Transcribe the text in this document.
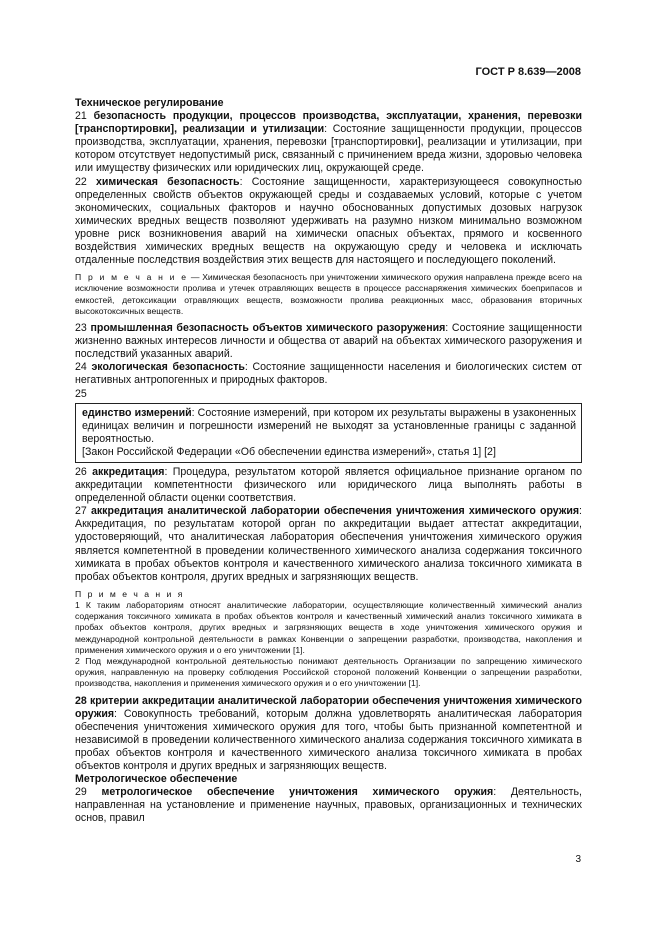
ГОСТ Р 8.639—2008

Техническое регулирование

21 безопасность продукции, процессов производства, эксплуатации, хранения, перевозки [транспортировки], реализации и утилизации: Состояние защищенности продукции, процессов производства, эксплуатации, хранения, перевозки [транспортировки], реализации и утилизации, при котором отсутствует недопустимый риск, связанный с причинением вреда жизни, здоровью человека или имуществу физических или юридических лиц, окружающей среде.

22 химическая безопасность: Состояние защищенности, характеризующееся совокупностью определенных свойств объектов окружающей среды и создаваемых условий, которые с учетом экономических, социальных факторов и научно обоснованных допустимых дозовых нагрузок химических вредных веществ позволяют удерживать на разумно низком минимально возможном уровне риск возникновения аварий на химически опасных объектах, прямого и косвенного воздействия химических вредных веществ на окружающую среду и человека и исключать отдаленные последствия воздействия этих веществ для настоящего и последующего поколений.

П р и м е ч а н и е — Химическая безопасность при уничтожении химического оружия направлена прежде всего на исключение возможности пролива и утечек отравляющих веществ в процессе расснаряжения химических боеприпасов и емкостей, детоксикации отравляющих веществ, возможности пролива реакционных масс, образования вторичных высокотоксичных веществ.

23 промышленная безопасность объектов химического разоружения: Состояние защищенности жизненно важных интересов личности и общества от аварий на объектах химического разоружения и последствий указанных аварий.

24 экологическая безопасность: Состояние защищенности населения и биологических систем от негативных антропогенных и природных факторов.

25

единство измерений: Состояние измерений, при котором их результаты выражены в узаконенных единицах величин и погрешности измерений не выходят за установленные границы с заданной вероятностью.

[Закон Российской Федерации «Об обеспечении единства измерений», статья 1] [2]

26 аккредитация: Процедура, результатом которой является официальное признание органом по аккредитации компетентности физического или юридического лица выполнять работы в определенной области оценки соответствия.

27 аккредитация аналитической лаборатории обеспечения уничтожения химического оружия: Аккредитация, по результатам которой орган по аккредитации выдает аттестат аккредитации, удостоверяющий, что аналитическая лаборатория обеспечения уничтожения химического оружия является компетентной в проведении количественного химического анализа содержания токсичного химиката в пробах объектов контроля и качественного химического анализа токсичного химиката в пробах объектов контроля, других вредных и загрязняющих веществ.

П р и м е ч а н и я

1 К таким лабораториям относят аналитические лаборатории, осуществляющие количественный химический анализ содержания токсичного химиката в пробах объектов контроля и качественный химический анализ токсичного химиката в пробах объектов контроля, других вредных и загрязняющих веществ в ходе уничтожения химического оружия и международной контрольной деятельности в рамках Конвенции о запрещении разработки, производства, накопления и применения химического оружия и о его уничтожении [1].

2 Под международной контрольной деятельностью понимают деятельность Организации по запрещению химического оружия, направленную на проверку соблюдения Российской стороной положений Конвенции о запрещении разработки, производства, накопления и применения химического оружия и о его уничтожении [1].

28 критерии аккредитации аналитической лаборатории обеспечения уничтожения химического оружия: Совокупность требований, которым должна удовлетворять аналитическая лаборатория обеспечения уничтожения химического оружия для того, чтобы быть признанной компетентной и независимой в проведении количественного химического анализа содержания токсичного химиката в пробах объектов контроля и качественного химического анализа токсичного химиката в пробах объектов контроля и других вредных и загрязняющих веществ.

Метрологическое обеспечение

29 метрологическое обеспечение уничтожения химического оружия: Деятельность, направленная на установление и применение научных, правовых, организационных и технических основ, правил

3
